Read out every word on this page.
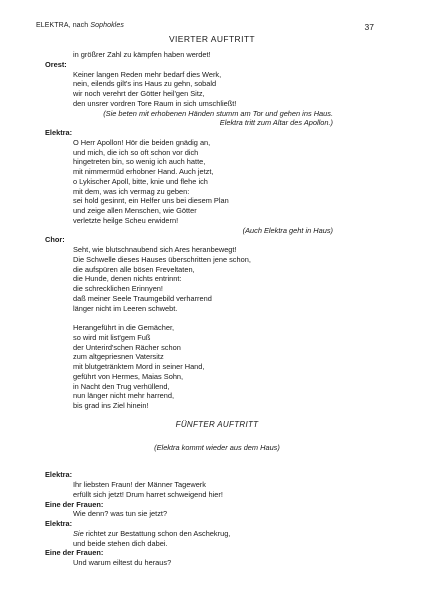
ELEKTRA, nach Sophokles	37
VIERTER AUFTRITT
in größrer Zahl zu kämpfen haben werdet!
Orest:
Keiner langen Reden mehr bedarf dies Werk,
nein, eilends gilt's ins Haus zu gehn, sobald
wir noch verehrt der Götter heil'gen Sitz,
den unsrer vordren Tore Raum in sich umschließt!
(Sie beten mit erhobenen Händen stumm am Tor und gehen ins Haus.
Elektra tritt zum Altar des Apollon.)
Elektra:
O Herr Apollon! Hör die beiden gnädig an,
und mich, die ich so oft schon vor dich
hingetreten bin, so wenig ich auch hatte,
mit nimmermüd erhobner Hand. Auch jetzt,
o Lykischer Apoll, bitte, knie und flehe ich
mit dem, was ich vermag zu geben:
sei hold gesinnt, ein Helfer uns bei diesem Plan
und zeige allen Menschen, wie Götter
verletzte heilge Scheu erwidern!
(Auch Elektra geht in Haus)
Chor:
Seht, wie blutschnaubend sich Ares heranbewegt!
Die Schwelle dieses Hauses überschritten jene schon,
die aufspüren alle bösen Freveltaten,
die Hunde, denen nichts entrinnt:
die schrecklichen Erinnyen!
daß meiner Seele Traumgebild verharrend
länger nicht im Leeren schwebt.
Herangeführt in die Gemächer,
so wird mit list'gem Fuß
der Unterird'schen Rächer schon
zum altgepriesnen Vatersitz
mit blutgetränktem Mord in seiner Hand,
geführt von Hermes, Maias Sohn,
in Nacht den Trug verhüllend,
nun länger nicht mehr harrend,
bis grad ins Ziel hinein!
FÜNFTER AUFTRITT
(Elektra kommt wieder aus dem Haus)
Elektra:
Ihr liebsten Fraun! der Männer Tagewerk
erfüllt sich jetzt! Drum harret schweigend hier!
Eine der Frauen:
Wie denn? was tun sie jetzt?
Elektra:
Sie richtet zur Bestattung schon den Aschekrug,
und beide stehen dich dabei.
Eine der Frauen:
Und warum eiltest du heraus?
